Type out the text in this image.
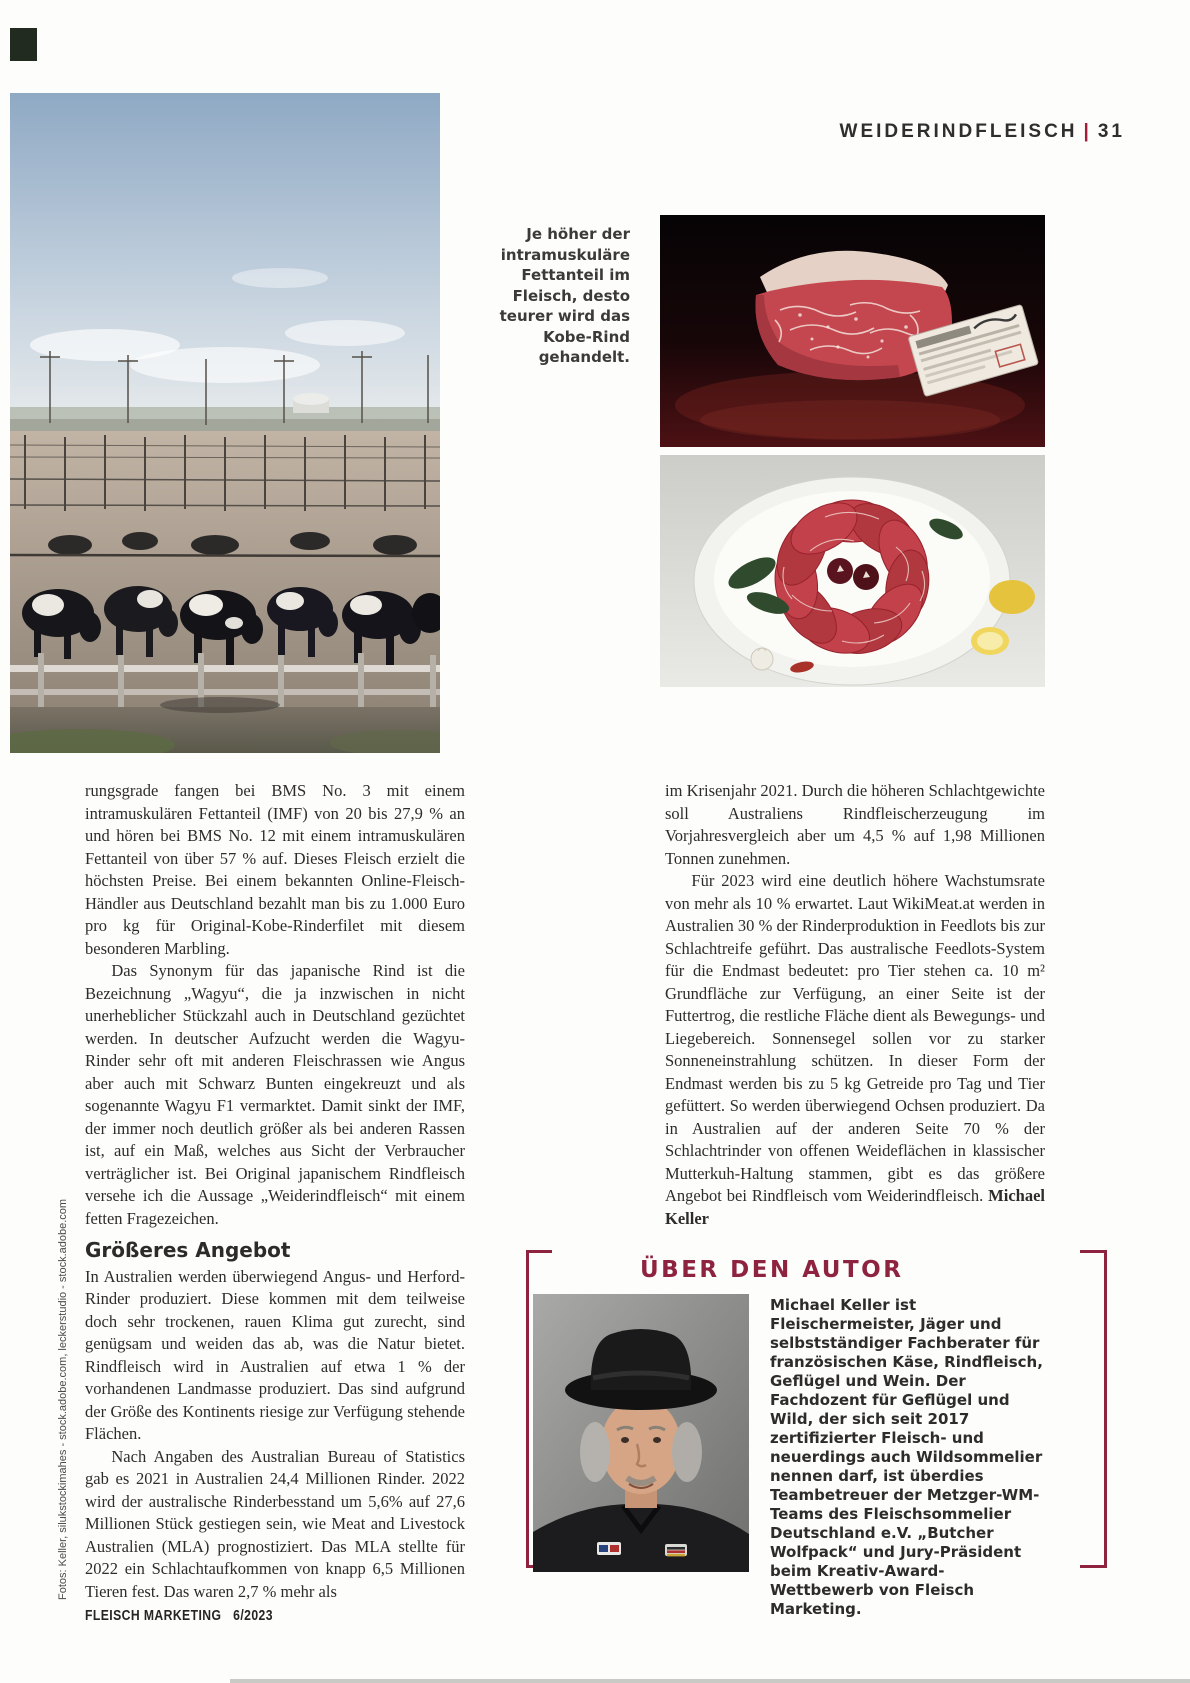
WEIDERINDFLEISCH | 31
Je höher der intramuskuläre Fettanteil im Fleisch, desto teurer wird das Kobe-Rind gehandelt.

rungsgrade fangen bei BMS No. 3 mit einem intramuskulären Fettanteil (IMF) von 20 bis 27,9 % an und hören bei BMS No. 12 mit einem intramuskulären Fettanteil von über 57 % auf. Dieses Fleisch erzielt die höchsten Preise. Bei einem bekannten Online-Fleisch-Händler aus Deutschland bezahlt man bis zu 1.000 Euro pro kg für Original-Kobe-Rinderfilet mit diesem besonderen Marbling.

Das Synonym für das japanische Rind ist die Bezeichnung „Wagyu“, die ja inzwischen in nicht unerheblicher Stückzahl auch in Deutschland gezüchtet werden. In deutscher Aufzucht werden die Wagyu-Rinder sehr oft mit anderen Fleischrassen wie Angus aber auch mit Schwarz Bunten eingekreuzt und als sogenannte Wagyu F1 vermarktet. Damit sinkt der IMF, der immer noch deutlich größer als bei anderen Rassen ist, auf ein Maß, welches aus Sicht der Verbraucher verträglicher ist. Bei Original japanischem Rindfleisch versehe ich die Aussage „Weiderindfleisch“ mit einem fetten Fragezeichen.

Größeres Angebot

In Australien werden überwiegend Angus- und Herford-Rinder produziert. Diese kommen mit dem teilweise doch sehr trockenen, rauen Klima gut zurecht, sind genügsam und weiden das ab, was die Natur bietet. Rindfleisch wird in Australien auf etwa 1 % der vorhandenen Landmasse produziert. Das sind aufgrund der Größe des Kontinents riesige zur Verfügung stehende Flächen.

Nach Angaben des Australian Bureau of Statistics gab es 2021 in Australien 24,4 Millionen Rinder. 2022 wird der australische Rinderbesstand um 5,6% auf 27,6 Millionen Stück gestiegen sein, wie Meat and Livestock Australien (MLA) prognostiziert. Das MLA stellte für 2022 ein Schlachtaufkommen von knapp 6,5 Millionen Tieren fest. Das waren 2,7 % mehr als

im Krisenjahr 2021. Durch die höheren Schlachtgewichte soll Australiens Rindfleischerzeugung im Vorjahresvergleich aber um 4,5 % auf 1,98 Millionen Tonnen zunehmen.

Für 2023 wird eine deutlich höhere Wachstumsrate von mehr als 10 % erwartet. Laut WikiMeat.at werden in Australien 30 % der Rinderproduktion in Feedlots bis zur Schlachtreife geführt. Das australische Feedlots-System für die Endmast bedeutet: pro Tier stehen ca. 10 m² Grundfläche zur Verfügung, an einer Seite ist der Futtertrog, die restliche Fläche dient als Bewegungs- und Liegebereich. Sonnensegel sollen vor zu starker Sonneneinstrahlung schützen. In dieser Form der Endmast werden bis zu 5 kg Getreide pro Tag und Tier gefüttert. So werden überwiegend Ochsen produziert. Da in Australien auf der anderen Seite 70 % der Schlachtrinder von offenen Weideflächen in klassischer Mutterkuh-Haltung stammen, gibt es das größere Angebot bei Rindfleisch vom Weiderindfleisch. Michael Keller

ÜBER DEN AUTOR
Michael Keller ist Fleischermeister, Jäger und selbstständiger Fachberater für französischen Käse, Rindfleisch, Geflügel und Wein. Der Fachdozent für Geflügel und Wild, der sich seit 2017 zertifizierter Fleisch- und neuerdings auch Wildsommelier nennen darf, ist überdies Teambetreuer der Metzger-WM-Teams des Fleischsommelier Deutschland e.V. „Butcher Wolfpack“ und Jury-Präsident beim Kreativ-Award-Wettbewerb von Fleisch Marketing.
FLEISCH MARKETING 6/2023
Fotos: Keller, silukstockimahes - stock.adobe.com, leckerstudio - stock.adobe.com
